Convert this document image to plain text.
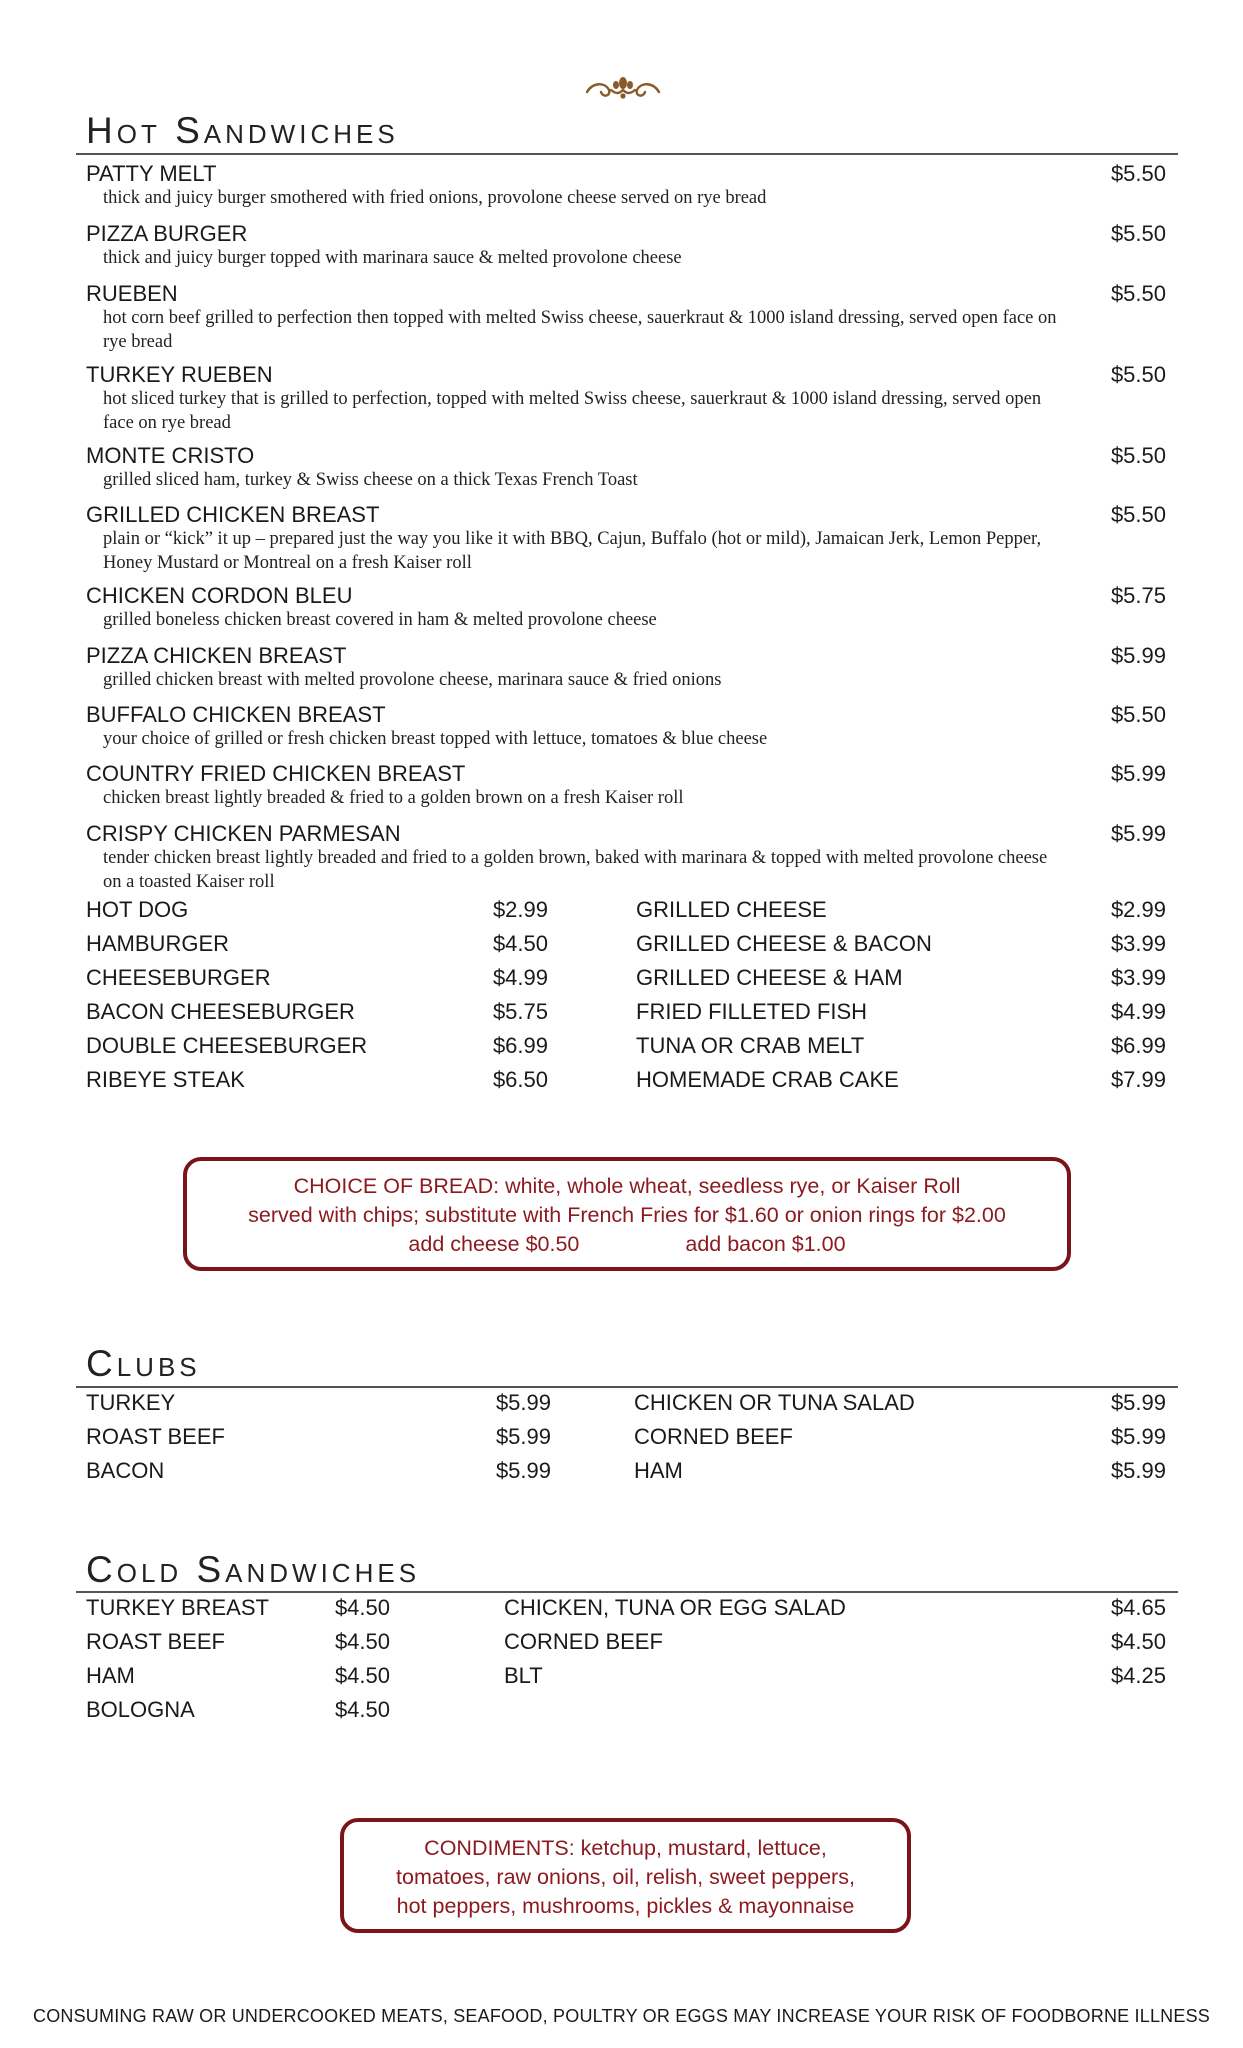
Hot Sandwiches
PATTY MELT
thick and juicy burger smothered with fried onions, provolone cheese served on rye bread
$5.50
PIZZA BURGER
thick and juicy burger topped with marinara sauce & melted provolone cheese
$5.50
RUEBEN
hot corn beef grilled to perfection then topped with melted Swiss cheese, sauerkraut & 1000 island dressing, served open face on rye bread
$5.50
TURKEY RUEBEN
hot sliced turkey that is grilled to perfection, topped with melted Swiss cheese, sauerkraut & 1000 island dressing, served open face on rye bread
$5.50
MONTE CRISTO
grilled sliced ham, turkey & Swiss cheese on a thick Texas French Toast
$5.50
GRILLED CHICKEN BREAST
plain or “kick” it up – prepared just the way you like it with BBQ, Cajun, Buffalo (hot or mild), Jamaican Jerk, Lemon Pepper, Honey Mustard or Montreal on a fresh Kaiser roll
$5.50
CHICKEN CORDON BLEU
grilled boneless chicken breast covered in ham & melted provolone cheese
$5.75
PIZZA CHICKEN BREAST
grilled chicken breast with melted provolone cheese, marinara sauce & fried onions
$5.99
BUFFALO CHICKEN BREAST
your choice of grilled or fresh chicken breast topped with lettuce, tomatoes & blue cheese
$5.50
COUNTRY FRIED CHICKEN BREAST
chicken breast lightly breaded & fried to a golden brown on a fresh Kaiser roll
$5.99
CRISPY CHICKEN PARMESAN
tender chicken breast lightly breaded and fried to a golden brown, baked with marinara & topped with melted provolone cheese on a toasted Kaiser roll
$5.99
HOT DOG	$2.99
HAMBURGER	$4.50
CHEESEBURGER	$4.99
BACON CHEESEBURGER	$5.75
DOUBLE CHEESEBURGER	$6.99
RIBEYE STEAK	$6.50
GRILLED CHEESE	$2.99
GRILLED CHEESE & BACON	$3.99
GRILLED CHEESE & HAM	$3.99
FRIED FILLETED FISH	$4.99
TUNA OR CRAB MELT	$6.99
HOMEMADE CRAB CAKE	$7.99
CHOICE OF BREAD: white, whole wheat, seedless rye, or Kaiser Roll
served with chips; substitute with French Fries for $1.60 or onion rings for $2.00
add cheese $0.50	add bacon $1.00
Clubs
TURKEY	$5.99
ROAST BEEF	$5.99
BACON	$5.99
CHICKEN OR TUNA SALAD	$5.99
CORNED BEEF	$5.99
HAM	$5.99
Cold Sandwiches
TURKEY BREAST	$4.50
ROAST BEEF	$4.50
HAM	$4.50
BOLOGNA	$4.50
CHICKEN, TUNA OR EGG SALAD	$4.65
CORNED BEEF	$4.50
BLT	$4.25
CONDIMENTS: ketchup, mustard, lettuce,
tomatoes, raw onions, oil, relish, sweet peppers,
hot peppers, mushrooms, pickles & mayonnaise
CONSUMING RAW OR UNDERCOOKED MEATS, SEAFOOD, POULTRY OR EGGS MAY INCREASE YOUR RISK OF FOODBORNE ILLNESS
